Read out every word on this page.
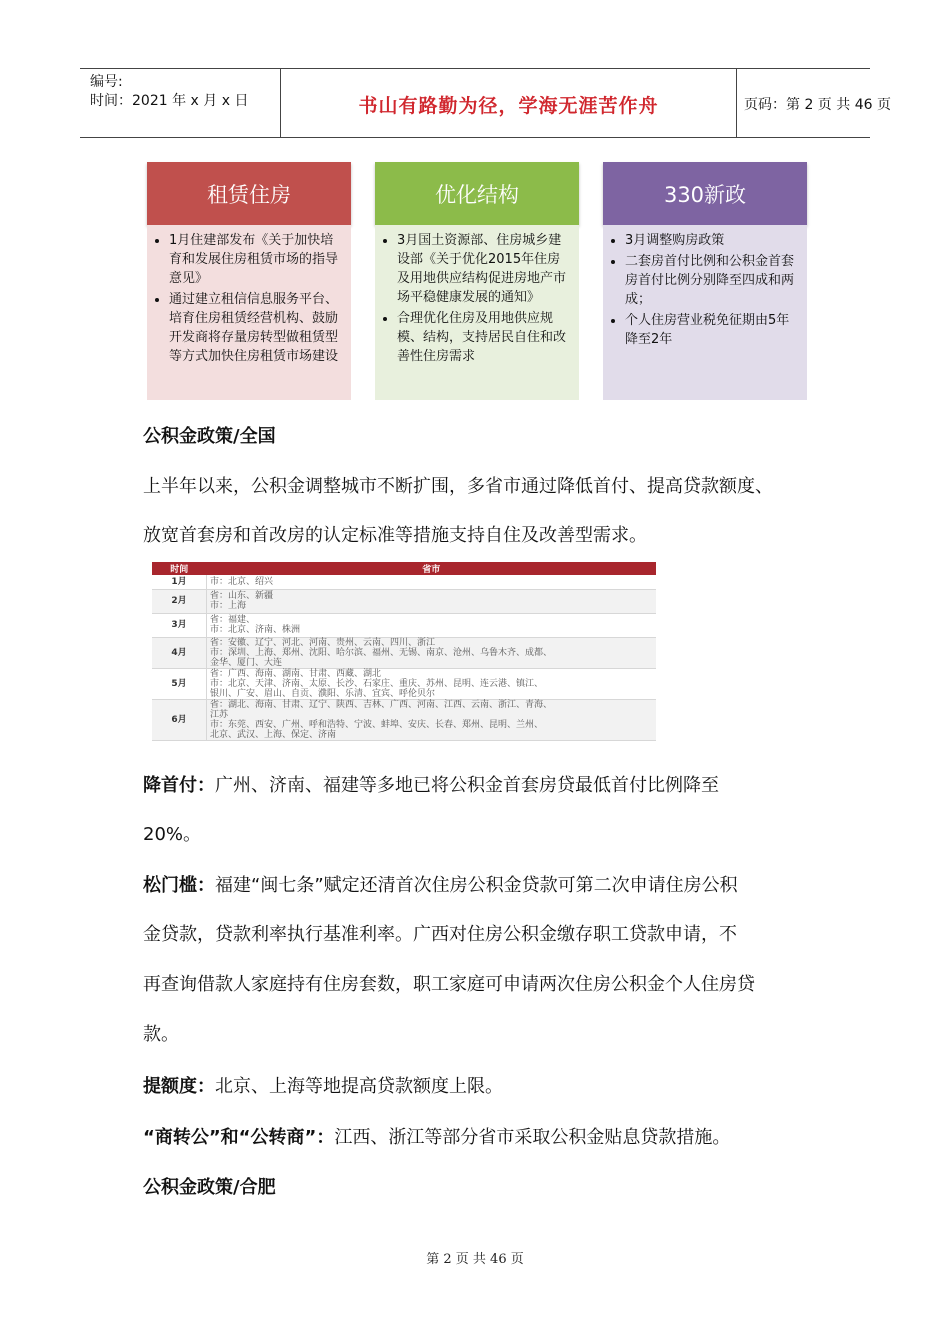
编号:
时间：2021 年 x 月 x 日	书山有路勤为径，学海无涯苦作舟	页码：第 2 页 共 46 页
租赁住房
• 1月住建部发布《关于加快培育和发展住房租赁市场的指导意见》
• 通过建立租信信息服务平台、培育住房租赁经营机构、鼓励开发商将存量房转型做租赁型等方式加快住房租赁市场建设
优化结构
• 3月国土资源部、住房城乡建设部《关于优化2015年住房及用地供应结构促进房地产市场平稳健康发展的通知》
• 合理优化住房及用地供应规模、结构，支持居民自住和改善性住房需求
330新政
• 3月调整购房政策
• 二套房首付比例和公积金首套房首付比例分别降至四成和两成；
• 个人住房营业税免征期由5年降至2年
公积金政策/全国
上半年以来，公积金调整城市不断扩围，多省市通过降低首付、提高贷款额度、
放宽首套房和首改房的认定标准等措施支持自住及改善型需求。
时间	省市
1月	市：北京、绍兴

2月	省：山东、新疆
市：上海

3月	省：福建、
市：北京、济南、株洲

4月	省：安徽、辽宁、河北、河南、贵州、云南、四川、浙江
市：深圳、上海、郑州、沈阳、哈尔滨、福州、无锡、南京、沧州、乌鲁木齐、成都、
金华、厦门、大连

5月	省：广西、海南、湖南、甘肃、西藏、湖北
市：北京、天津、济南、太原、长沙、石家庄、重庆、苏州、昆明、连云港、镇江、
银川、广安、眉山、自贡、濮阳、乐清、宜宾、呼伦贝尔

6月	省：湖北、海南、甘肃、辽宁、陕西、吉林、广西、河南、江西、云南、浙江、青海、
江苏
市：东莞、西安、广州、呼和浩特、宁波、蚌埠、安庆、长春、郑州、昆明、兰州、
北京、武汉、上海、保定、济南
降首付：广州、济南、福建等多地已将公积金首套房贷最低首付比例降至
20%。
松门槛：福建“闽七条”赋定还清首次住房公积金贷款可第二次申请住房公积
金贷款，贷款利率执行基准利率。广西对住房公积金缴存职工贷款申请，不
再查询借款人家庭持有住房套数，职工家庭可申请两次住房公积金个人住房贷
款。
提额度：北京、上海等地提高贷款额度上限。
“商转公”和“公转商”：江西、浙江等部分省市采取公积金贴息贷款措施。
公积金政策/合肥
第 2 页 共 46 页
